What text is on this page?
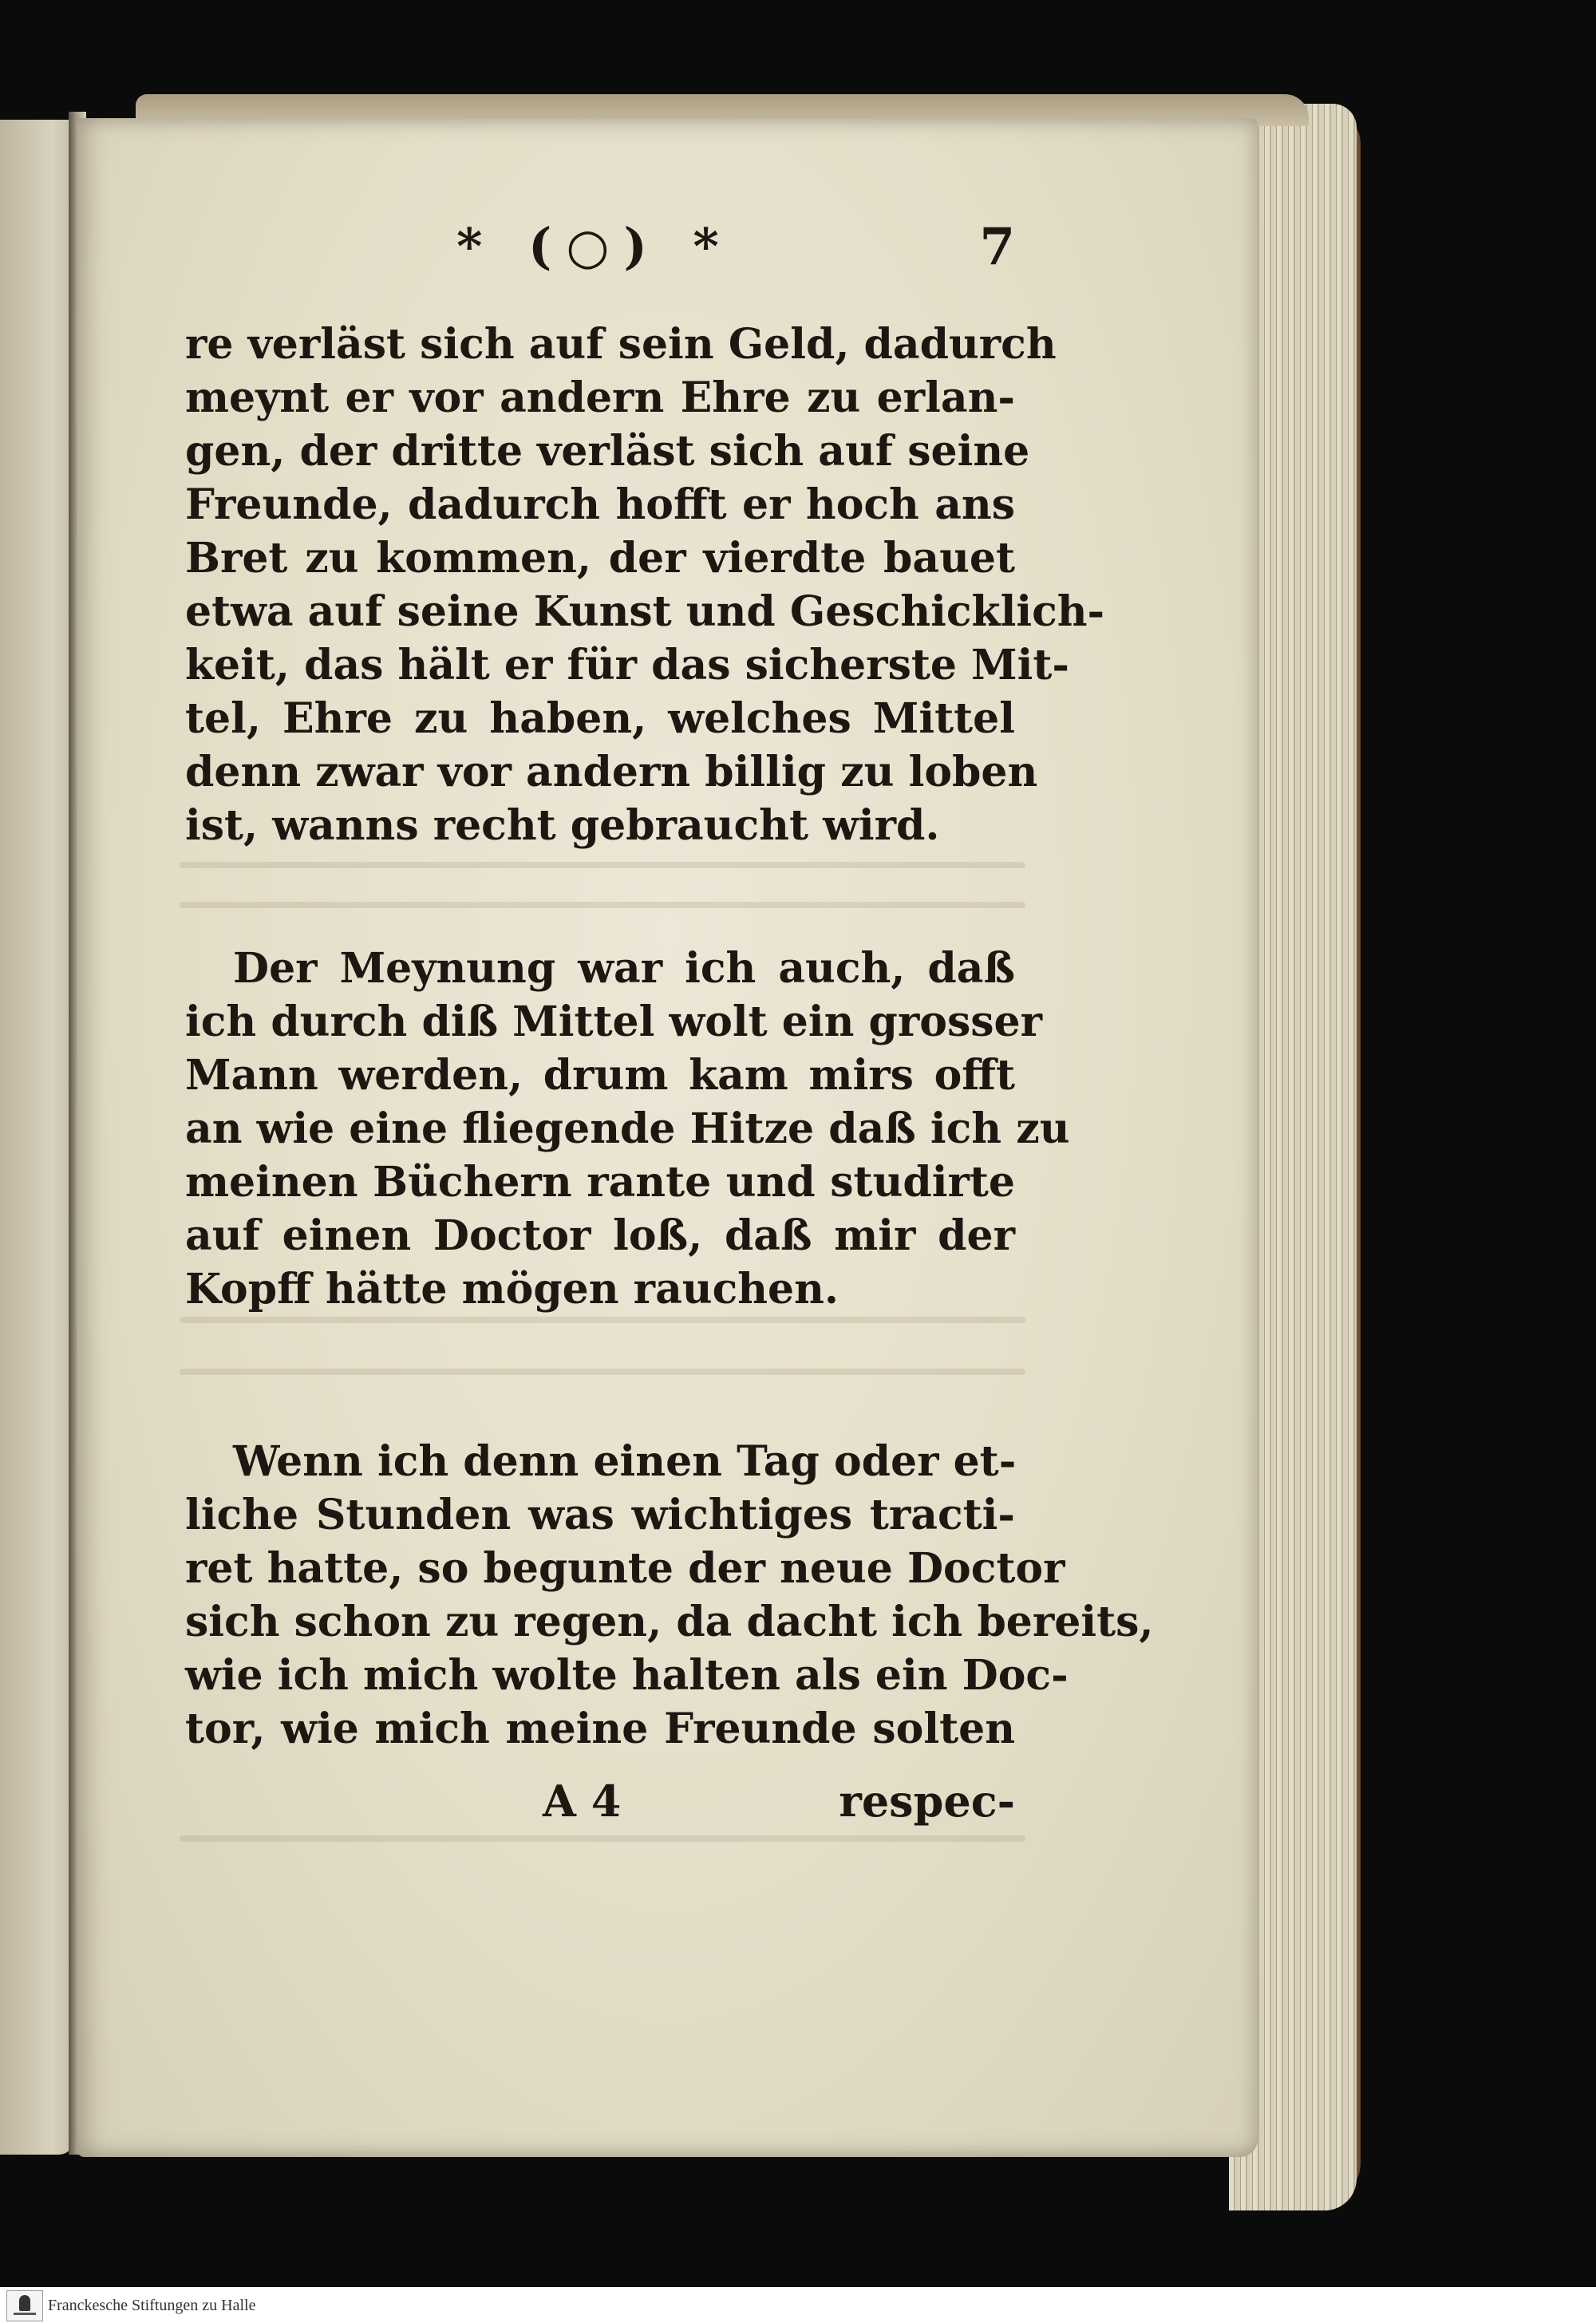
* (○) *	7
re verläst sich auf sein Geld, dadurch
meynt er vor andern Ehre zu erlan-
gen, der dritte verläst sich auf seine
Freunde, dadurch hofft er hoch ans
Bret zu kommen, der vierdte bauet
etwa auf seine Kunst und Geschicklich-
keit, das hält er für das sicherste Mit-
tel, Ehre zu haben, welches Mittel
denn zwar vor andern billig zu loben
ist, wanns recht gebraucht wird.
Der Meynung war ich auch, daß
ich durch diß Mittel wolt ein grosser
Mann werden, drum kam mirs offt
an wie eine fliegende Hitze daß ich zu
meinen Büchern rante und studirte
auf einen Doctor loß, daß mir der
Kopff hätte mögen rauchen.
Wenn ich denn einen Tag oder et-
liche Stunden was wichtiges tracti-
ret hatte, so begunte der neue Doctor
sich schon zu regen, da dacht ich bereits,
wie ich mich wolte halten als ein Doc-
tor, wie mich meine Freunde solten
A 4	respec-
Franckesche Stiftungen zu Halle
